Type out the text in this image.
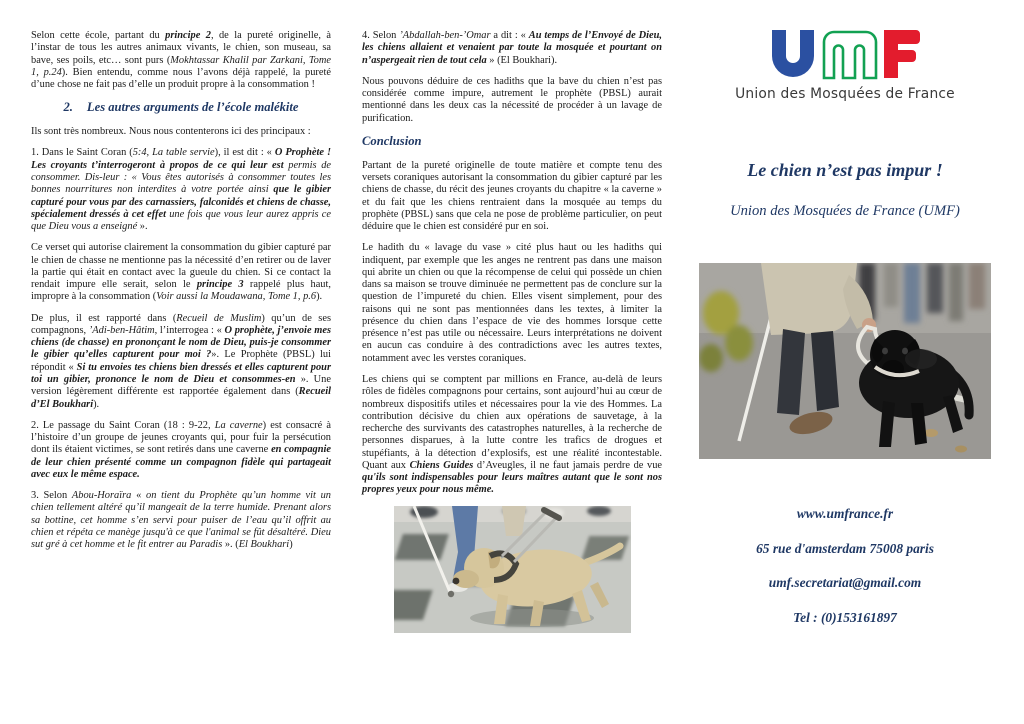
Selon cette école, partant du principe 2, de la pureté originelle, à l’instar de tous les autres animaux vivants, le chien, son museau, sa bave, ses poils, etc… sont purs (Mokhtassar Khalil par Zarkani, Tome 1, p.24). Bien entendu, comme nous l’avons déjà rappelé, la pureté d’une chose ne fait pas d’elle un produit propre à la consommation !

2. Les autres arguments de l’école malékite

Ils sont très nombreux. Nous nous contenterons ici des principaux :

1. Dans le Saint Coran (5:4, La table servie), il est dit : « O Prophète ! Les croyants t’interrogeront à propos de ce qui leur est permis de consommer. Dis-leur : « Vous êtes autorisés à consommer toutes les bonnes nourritures non interdites à votre portée ainsi que le gibier capturé pour vous par des carnassiers, falconidés et chiens de chasse, spécialement dressés à cet effet une fois que vous leur aurez appris ce que Dieu vous a enseigné ».

Ce verset qui autorise clairement la consommation du gibier capturé par le chien de chasse ne mentionne pas la nécessité d’en retirer ou de laver la partie qui était en contact avec la gueule du chien. Si ce contact la rendait impure elle serait, selon le principe 3 rappelé plus haut, impropre à la consommation (Voir aussi la Moudawana, Tome 1, p.6).

De plus, il est rapporté dans (Recueil de Muslim) qu’un de ses compagnons, ’Adi-ben-Hâtim, l’interrogea : « O prophète, j’envoie mes chiens (de chasse) en prononçant le nom de Dieu, puis-je consommer le gibier qu’elles capturent pour moi ?». Le Prophète (PBSL) lui répondit « Si tu envoies tes chiens bien dressés et elles capturent pour toi un gibier, prononce le nom de Dieu et consommes-en ». Une version légèrement différente est rapportée également dans (Recueil d’El Boukhari).

2. Le passage du Saint Coran (18 : 9-22, La caverne) est consacré à l’histoire d’un groupe de jeunes croyants qui, pour fuir la persécution dont ils étaient victimes, se sont retirés dans une caverne en compagnie de leur chien présenté comme un compagnon fidèle qui partageait avec eux le même espace.

3. Selon Abou-Horaïra « on tient du Prophète qu’un homme vit un chien tellement altéré qu’il mangeait de la terre humide. Prenant alors sa bottine, cet homme s’en servi pour puiser de l’eau qu’il offrit au chien et répéta ce manège jusqu'à ce que l'animal se fût désaltéré. Dieu sut gré à cet homme et le fit entrer au Paradis ». (El Boukhari)

4. Selon ’Abdallah-ben-’Omar a dit : « Au temps de l’Envoyé de Dieu, les chiens allaient et venaient par toute la mosquée et pourtant on n’aspergeait rien de tout cela » (El Boukhari).

Nous pouvons déduire de ces hadiths que la bave du chien n’est pas considérée comme impure, autrement le prophète (PBSL) aurait mentionné dans les deux cas la nécessité de procéder à un lavage de purification.

Conclusion

Partant de la pureté originelle de toute matière et compte tenu des versets coraniques autorisant la consommation du gibier capturé par les chiens de chasse, du récit des jeunes croyants du chapitre « la caverne » et du fait que les chiens rentraient dans la mosquée au temps du prophète (PBSL) sans que cela ne pose de problème particulier, on peut déduire que le chien est considéré pur en soi.

Le hadith du « lavage du vase » cité plus haut ou les hadiths qui indiquent, par exemple que les anges ne rentrent pas dans une maison qui abrite un chien ou que la récompense de celui qui possède un chien dans sa maison se trouve diminuée ne permettent pas de conclure sur la question de l’impureté du chien. Elles visent simplement, pour des raisons qui ne sont pas mentionnées dans les textes, à limiter la présence du chien dans l’espace de vie des hommes lorsque cette présence n’est pas utile ou nécessaire. Leurs interprétations ne doivent en aucun cas conduire à des contradictions avec les autres textes, notamment avec les verstes coraniques.

Les chiens qui se comptent par millions en France, au-delà de leurs rôles de fidèles compagnons pour certains, sont aujourd’hui au cœur de nombreux dispositifs utiles et nécessaires pour la vie des Hommes. La contribution décisive du chien aux opérations de sauvetage, à la recherche des survivants des catastrophes naturelles, à la recherche de personnes disparues, à la lutte contre les trafics de drogues et stupéfiants, à la détection d’explosifs, est une réalité incontestable. Quant aux Chiens Guides d’Aveugles, il ne faut jamais perdre de vue qu'ils sont indispensables pour leurs maîtres autant que le sont nos propres yeux pour nous même.

Union des Mosquées de France
Le chien n’est pas impur !
Union des Mosquées de France (UMF)
www.umfrance.fr
65 rue d'amsterdam 75008 paris
umf.secretariat@gmail.com
Tel : (0)153161897
